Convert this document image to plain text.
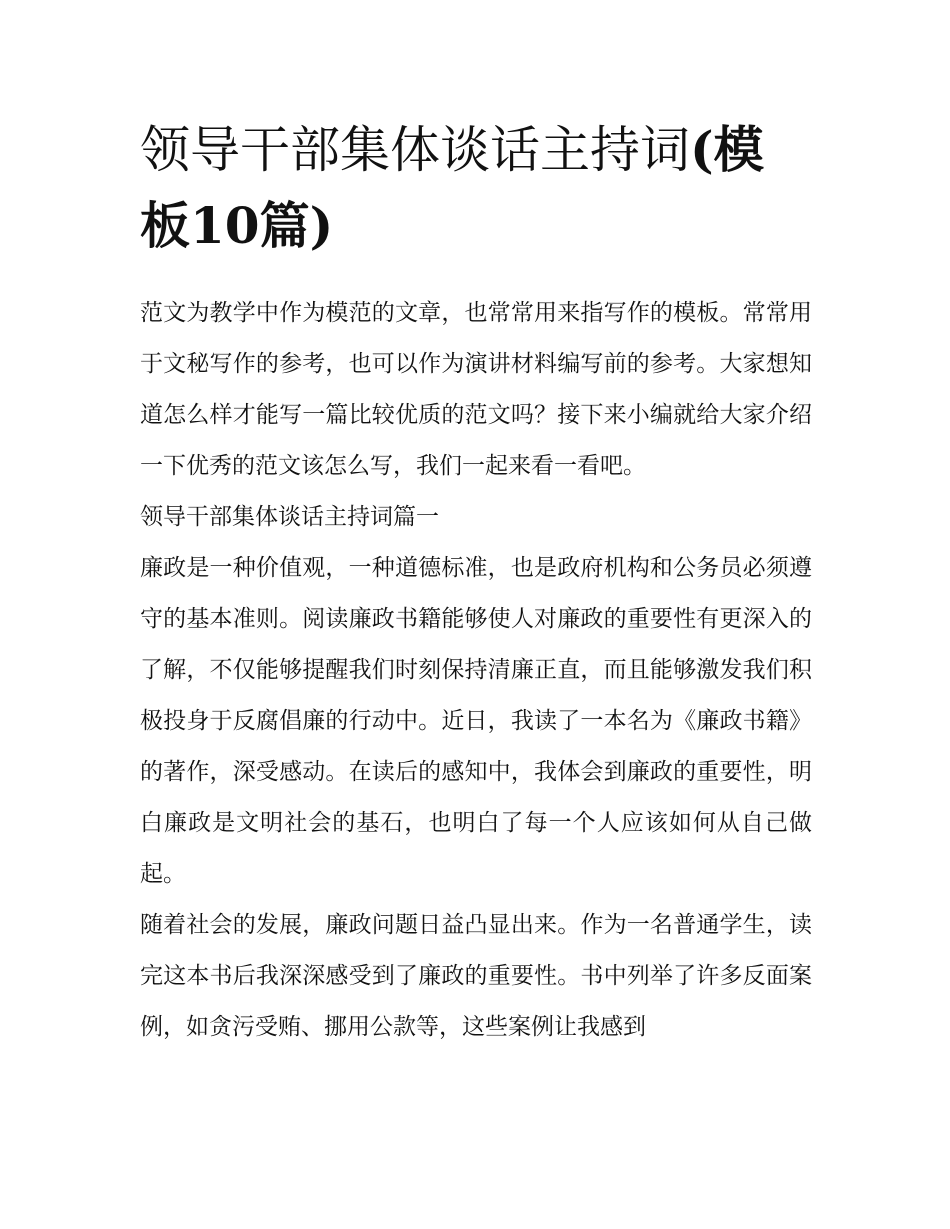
领导干部集体谈话主持词(模板10篇)

范文为教学中作为模范的文章，也常常用来指写作的模板。常常用于文秘写作的参考，也可以作为演讲材料编写前的参考。大家想知道怎么样才能写一篇比较优质的范文吗？接下来小编就给大家介绍一下优秀的范文该怎么写，我们一起来看一看吧。

领导干部集体谈话主持词篇一

廉政是一种价值观，一种道德标准，也是政府机构和公务员必须遵守的基本准则。阅读廉政书籍能够使人对廉政的重要性有更深入的了解，不仅能够提醒我们时刻保持清廉正直，而且能够激发我们积极投身于反腐倡廉的行动中。近日，我读了一本名为《廉政书籍》的著作，深受感动。在读后的感知中，我体会到廉政的重要性，明白廉政是文明社会的基石，也明白了每一个人应该如何从自己做起。

随着社会的发展，廉政问题日益凸显出来。作为一名普通学生，读完这本书后我深深感受到了廉政的重要性。书中列举了许多反面案例，如贪污受贿、挪用公款等，这些案例让我感到
